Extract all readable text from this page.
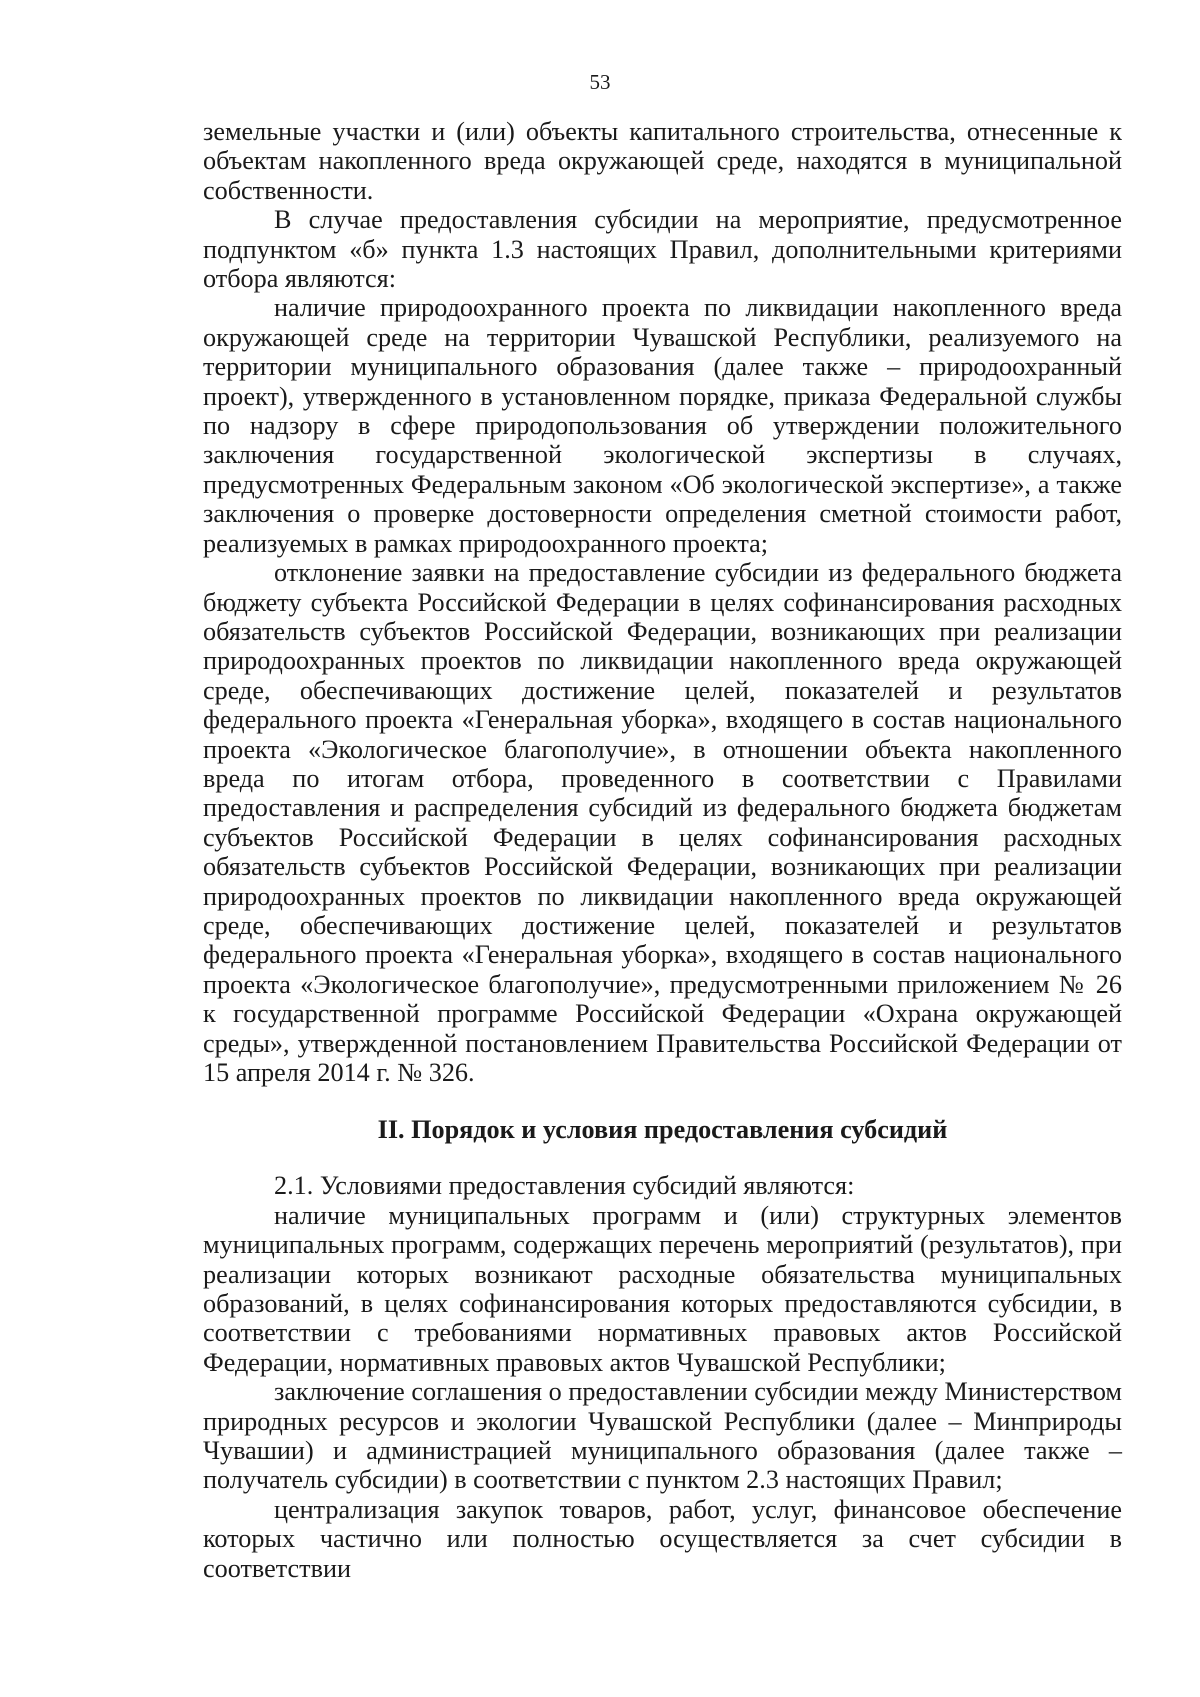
53

земельные участки и (или) объекты капитального строительства, отнесенные к объектам накопленного вреда окружающей среде, находятся в муниципальной собственности.

В случае предоставления субсидии на мероприятие, предусмотренное подпунктом «б» пункта 1.3 настоящих Правил, дополнительными критериями отбора являются:

наличие природоохранного проекта по ликвидации накопленного вреда окружающей среде на территории Чувашской Республики, реализуемого на территории муниципального образования (далее также – природоохранный проект), утвержденного в установленном порядке, приказа Федеральной службы по надзору в сфере природопользования об утверждении положительного заключения государственной экологической экспертизы в случаях, предусмотренных Федеральным законом «Об экологической экспертизе», а также заключения о проверке достоверности определения сметной стоимости работ, реализуемых в рамках природоохранного проекта;

отклонение заявки на предоставление субсидии из федерального бюджета бюджету субъекта Российской Федерации в целях софинансирования расходных обязательств субъектов Российской Федерации, возникающих при реализации природоохранных проектов по ликвидации накопленного вреда окружающей среде, обеспечивающих достижение целей, показателей и результатов федерального проекта «Генеральная уборка», входящего в состав национального проекта «Экологическое благополучие», в отношении объекта накопленного вреда по итогам отбора, проведенного в соответствии с Правилами предоставления и распределения субсидий из федерального бюджета бюджетам субъектов Российской Федерации в целях софинансирования расходных обязательств субъектов Российской Федерации, возникающих при реализации природоохранных проектов по ликвидации накопленного вреда окружающей среде, обеспечивающих достижение целей, показателей и результатов федерального проекта «Генеральная уборка», входящего в состав национального проекта «Экологическое благополучие», предусмотренными приложением № 26 к государственной программе Российской Федерации «Охрана окружающей среды», утвержденной постановлением Правительства Российской Федерации от 15 апреля 2014 г. № 326.

II. Порядок и условия предоставления субсидий

2.1. Условиями предоставления субсидий являются:

наличие муниципальных программ и (или) структурных элементов муниципальных программ, содержащих перечень мероприятий (результатов), при реализации которых возникают расходные обязательства муниципальных образований, в целях софинансирования которых предоставляются субсидии, в соответствии с требованиями нормативных правовых актов Российской Федерации, нормативных правовых актов Чувашской Республики;

заключение соглашения о предоставлении субсидии между Министерством природных ресурсов и экологии Чувашской Республики (далее – Минприроды Чувашии) и администрацией муниципального образования (далее также – получатель субсидии) в соответствии с пунктом 2.3 настоящих Правил;

централизация закупок товаров, работ, услуг, финансовое обеспечение которых частично или полностью осуществляется за счет субсидии в соответствии
